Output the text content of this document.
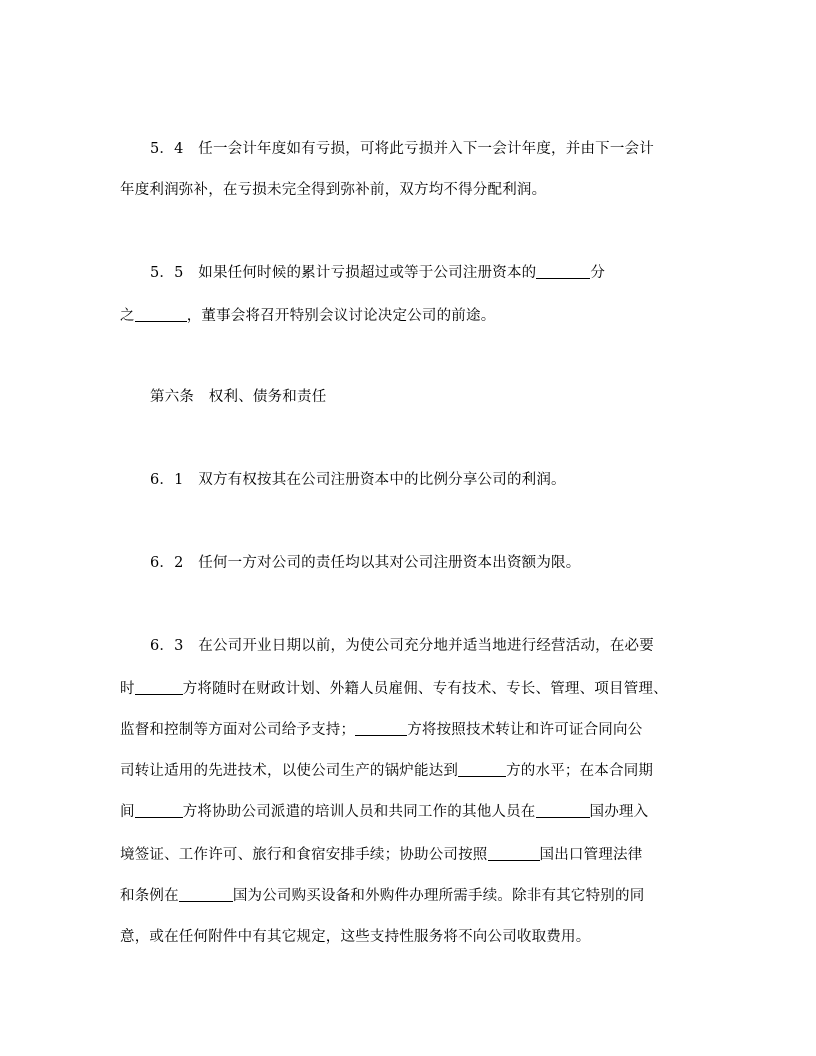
5．4　任一会计年度如有亏损，可将此亏损并入下一会计年度，并由下一会计
年度利润弥补，在亏损未完全得到弥补前，双方均不得分配利润。
5．5　如果任何时候的累计亏损超过或等于公司注册资本的	分
之	，董事会将召开特别会议讨论决定公司的前途。
第六条　权利、债务和责任
6．1　双方有权按其在公司注册资本中的比例分享公司的利润。
6．2　任何一方对公司的责任均以其对公司注册资本出资额为限。
6．3　在公司开业日期以前，为使公司充分地并适当地进行经营活动，在必要
时	方将随时在财政计划、外籍人员雇佣、专有技术、专长、管理、项目管理、
监督和控制等方面对公司给予支持；	方将按照技术转让和许可证合同向公
司转让适用的先进技术，以使公司生产的锅炉能达到	方的水平；在本合同期
间	方将协助公司派遣的培训人员和共同工作的其他人员在	国办理入
境签证、工作许可、旅行和食宿安排手续；协助公司按照	国出口管理法律
和条例在	国为公司购买设备和外购件办理所需手续。除非有其它特别的同
意，或在任何附件中有其它规定，这些支持性服务将不向公司收取费用。
